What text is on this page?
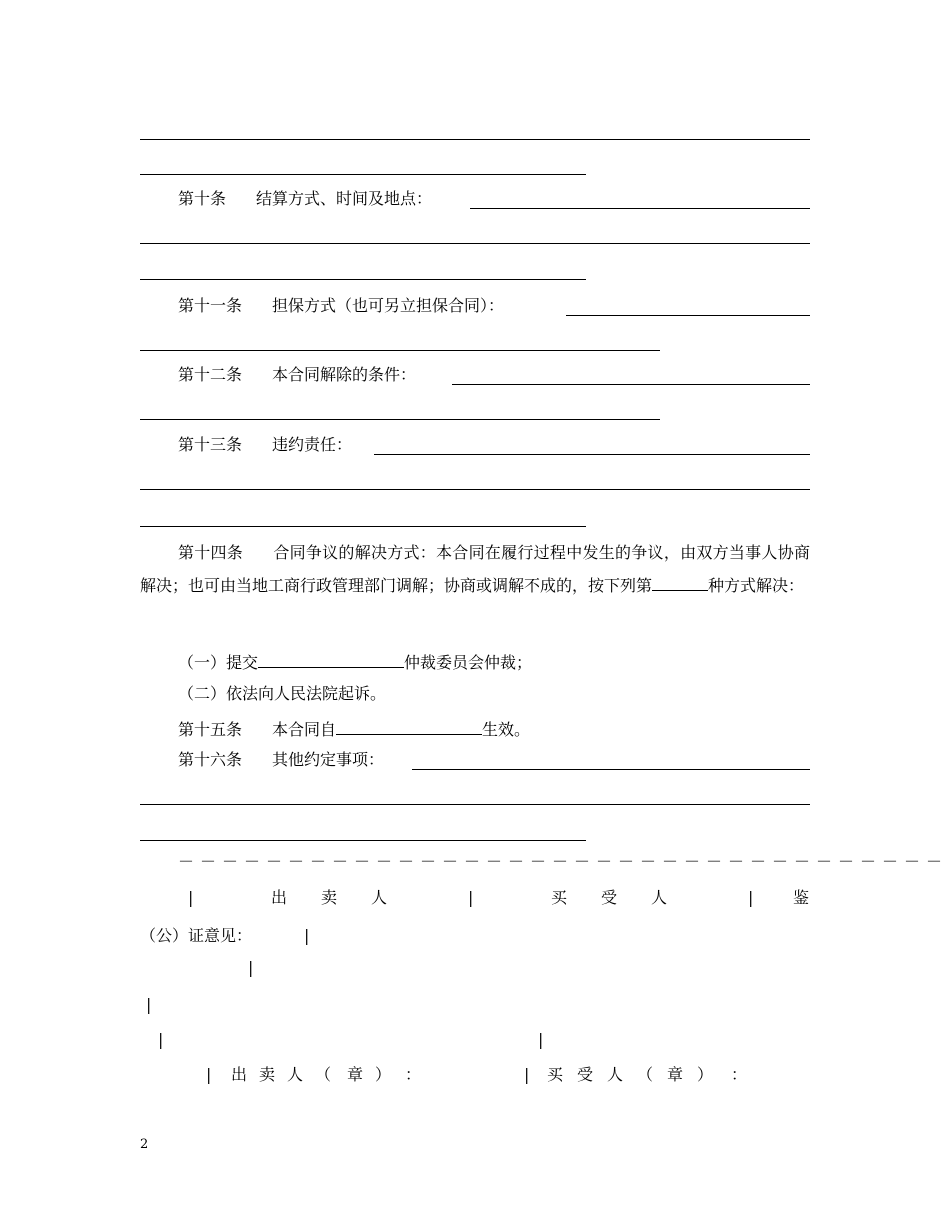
第十条 结算方式、时间及地点：
第十一条 担保方式（也可另立担保合同）：
第十二条 本合同解除的条件：
第十三条 违约责任：
第十四条 合同争议的解决方式：本合同在履行过程中发生的争议，由双方当事人协商解决；也可由当地工商行政管理部门调解；协商或调解不成的，按下列第	种方式解决：
（一）提交	仲裁委员会仲裁；
（二）依法向人民法院起诉。
第十五条 本合同自	生效。
第十六条 其他约定事项：
－－－－－－－－－－－－－－－－－－－－－－－－－－－－－－－－－－－
|	出 卖 人	|	买 受 人	| 鉴
（公）证意见：	|
|
|
|	|
| 出 卖 人 （ 章 ） ：	| 买 受 人 （ 章 ） ：
2
